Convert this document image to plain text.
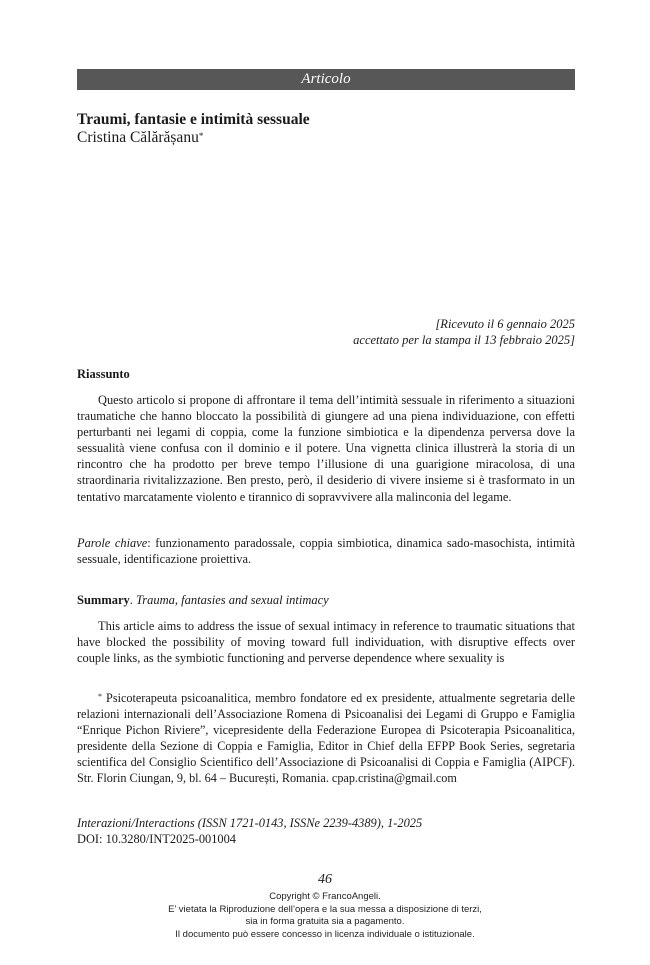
Articolo
Traumi, fantasie e intimità sessuale
Cristina Călărășanu*
[Ricevuto il 6 gennaio 2025
accettato per la stampa il 13 febbraio 2025]
Riassunto
Questo articolo si propone di affrontare il tema dell’intimità sessuale in riferimento a situazioni traumatiche che hanno bloccato la possibilità di giungere ad una piena individuazione, con effetti perturbanti nei legami di coppia, come la funzione simbiotica e la dipendenza perversa dove la sessualità viene confusa con il dominio e il potere. Una vignetta clinica illustrerà la storia di un rincontro che ha prodotto per breve tempo l’illusione di una guarigione miracolosa, di una straordinaria rivitalizzazione. Ben presto, però, il desiderio di vivere insieme si è trasformato in un tentativo marcatamente violento e tirannico di sopravvivere alla malinconia del legame.
Parole chiave: funzionamento paradossale, coppia simbiotica, dinamica sado-masochista, intimità sessuale, identificazione proiettiva.
Summary. Trauma, fantasies and sexual intimacy
This article aims to address the issue of sexual intimacy in reference to traumatic situations that have blocked the possibility of moving toward full individuation, with disruptive effects over couple links, as the symbiotic functioning and perverse dependence where sexuality is
* Psicoterapeuta psicoanalitica, membro fondatore ed ex presidente, attualmente segretaria delle relazioni internazionali dell’Associazione Romena di Psicoanalisi dei Legami di Gruppo e Famiglia “Enrique Pichon Riviere”, vicepresidente della Federazione Europea di Psicoterapia Psicoanalitica, presidente della Sezione di Coppia e Famiglia, Editor in Chief della EFPP Book Series, segretaria scientifica del Consiglio Scientifico dell’Associazione di Psicoanalisi di Coppia e Famiglia (AIPCF). Str. Florin Ciungan, 9, bl. 64 – București, Romania. cpap.cristina@gmail.com
Interazioni/Interactions (ISSN 1721-0143, ISSNe 2239-4389), 1-2025
DOI: 10.3280/INT2025-001004
46
Copyright © FrancoAngeli.
E’ vietata la Riproduzione dell’opera e la sua messa a disposizione di terzi,
sia in forma gratuita sia a pagamento.
Il documento può essere concesso in licenza individuale o istituzionale.
